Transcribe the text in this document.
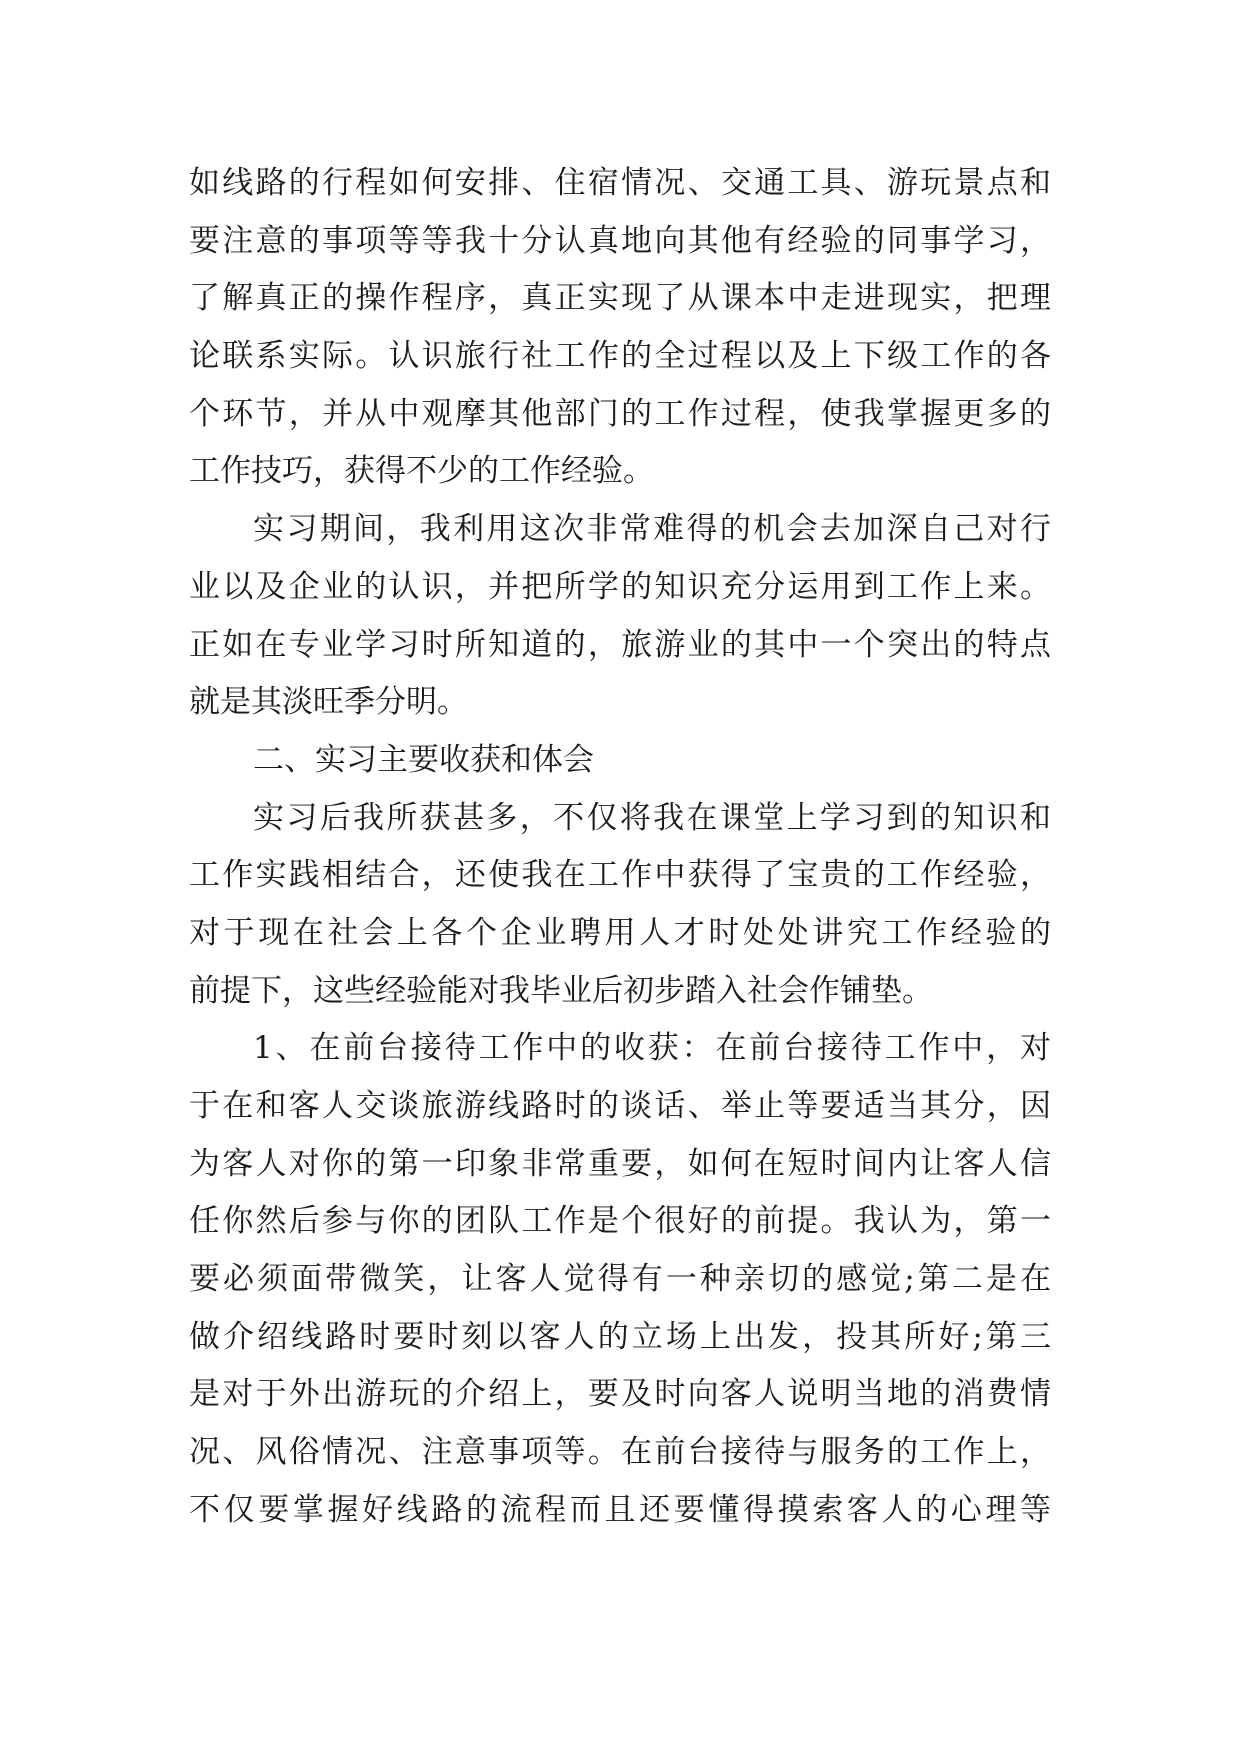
如线路的行程如何安排、住宿情况、交通工具、游玩景点和
要注意的事项等等我十分认真地向其他有经验的同事学习，
了解真正的操作程序，真正实现了从课本中走进现实，把理
论联系实际。认识旅行社工作的全过程以及上下级工作的各
个环节，并从中观摩其他部门的工作过程，使我掌握更多的
工作技巧，获得不少的工作经验。
实习期间，我利用这次非常难得的机会去加深自己对行
业以及企业的认识，并把所学的知识充分运用到工作上来。
正如在专业学习时所知道的，旅游业的其中一个突出的特点
就是其淡旺季分明。
二、实习主要收获和体会
实习后我所获甚多，不仅将我在课堂上学习到的知识和
工作实践相结合，还使我在工作中获得了宝贵的工作经验，
对于现在社会上各个企业聘用人才时处处讲究工作经验的
前提下，这些经验能对我毕业后初步踏入社会作铺垫。
1、在前台接待工作中的收获：在前台接待工作中，对
于在和客人交谈旅游线路时的谈话、举止等要适当其分，因
为客人对你的第一印象非常重要，如何在短时间内让客人信
任你然后参与你的团队工作是个很好的前提。我认为，第一
要必须面带微笑，让客人觉得有一种亲切的感觉;第二是在
做介绍线路时要时刻以客人的立场上出发，投其所好;第三
是对于外出游玩的介绍上，要及时向客人说明当地的消费情
况、风俗情况、注意事项等。在前台接待与服务的工作上，
不仅要掌握好线路的流程而且还要懂得摸索客人的心理等
